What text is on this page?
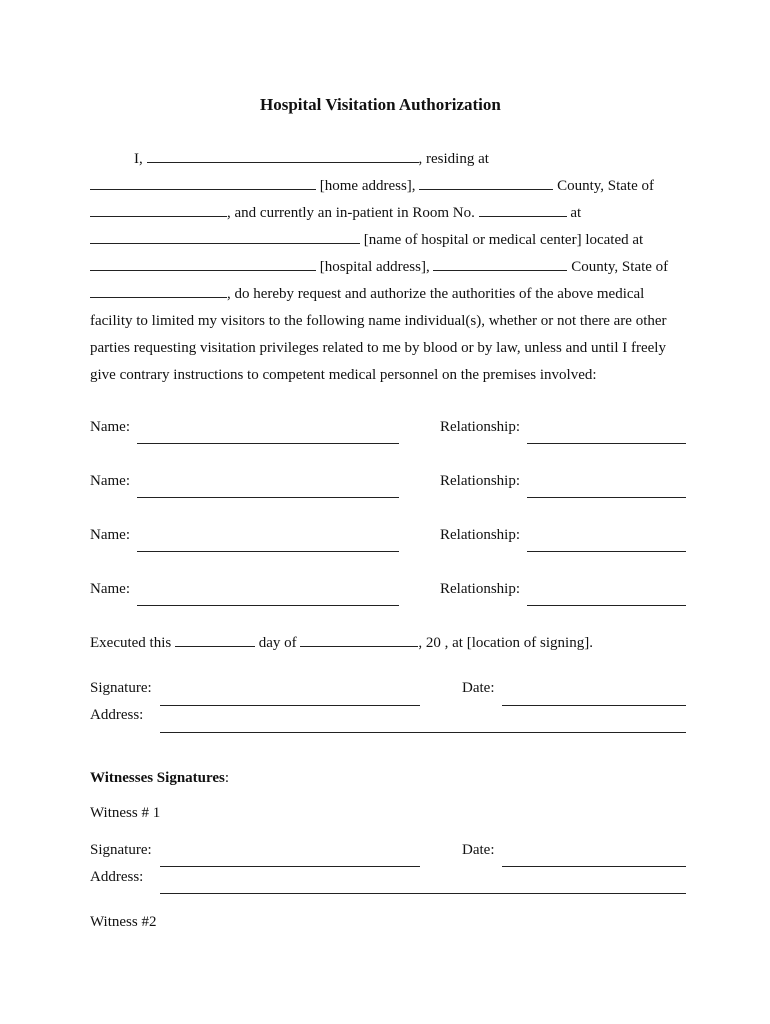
Hospital Visitation Authorization
I,	, residing at
[home address],	County, State of
, and currently an in-patient in Room No.	at
[name of hospital or medical center] located at
[hospital address],	County, State of
, do hereby request and authorize the authorities of the above medical
facility to limited my visitors to the following name individual(s), whether or not there are other
parties requesting visitation privileges related to me by blood or by law, unless and until I freely
give contrary instructions to competent medical personnel on the premises involved:
Name:	Relationship:
Name:	Relationship:
Name:	Relationship:
Name:	Relationship:
Executed this	day of	, 20 , at [location of signing].
Signature:	Date:
Address:
Witnesses Signatures:
Witness # 1
Signature:	Date:
Address:
Witness #2
